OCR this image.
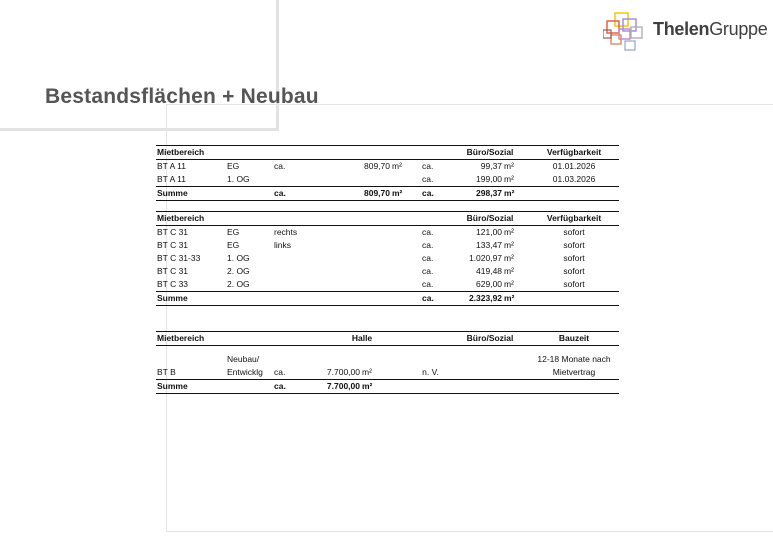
ThelenGruppe
Bestandsflächen + Neubau
Mietbereich						Büro/Sozial		Verfügbarkeit
BT A 11	EG	ca.	809,70	m²	ca.	99,37	m²	01.01.2026
BT A 11	1. OG				ca.	199,00	m²	01.03.2026
Summe		ca.	809,70	m²	ca.	298,37	m²	
Mietbereich				Büro/Sozial		Verfügbarkeit
BT C 31	EG	rechts	ca.	121,00	m²	sofort
BT C 31	EG	links	ca.	133,47	m²	sofort
BT C 31-33	1. OG		ca.	1.020,97	m²	sofort
BT C 31	2. OG		ca.	419,48	m²	sofort
BT C 33	2. OG		ca.	629,00	m²	sofort
Summe			ca.	2.323,92	m²	
Mietbereich		Halle				Büro/Sozial	Bauzeit

	Neubau/						12-18 Monate nach
BT B	Entwicklg	ca.	7.700,00	m²	n. V.		Mietvertrag
Summe		ca.	7.700,00	m²			
